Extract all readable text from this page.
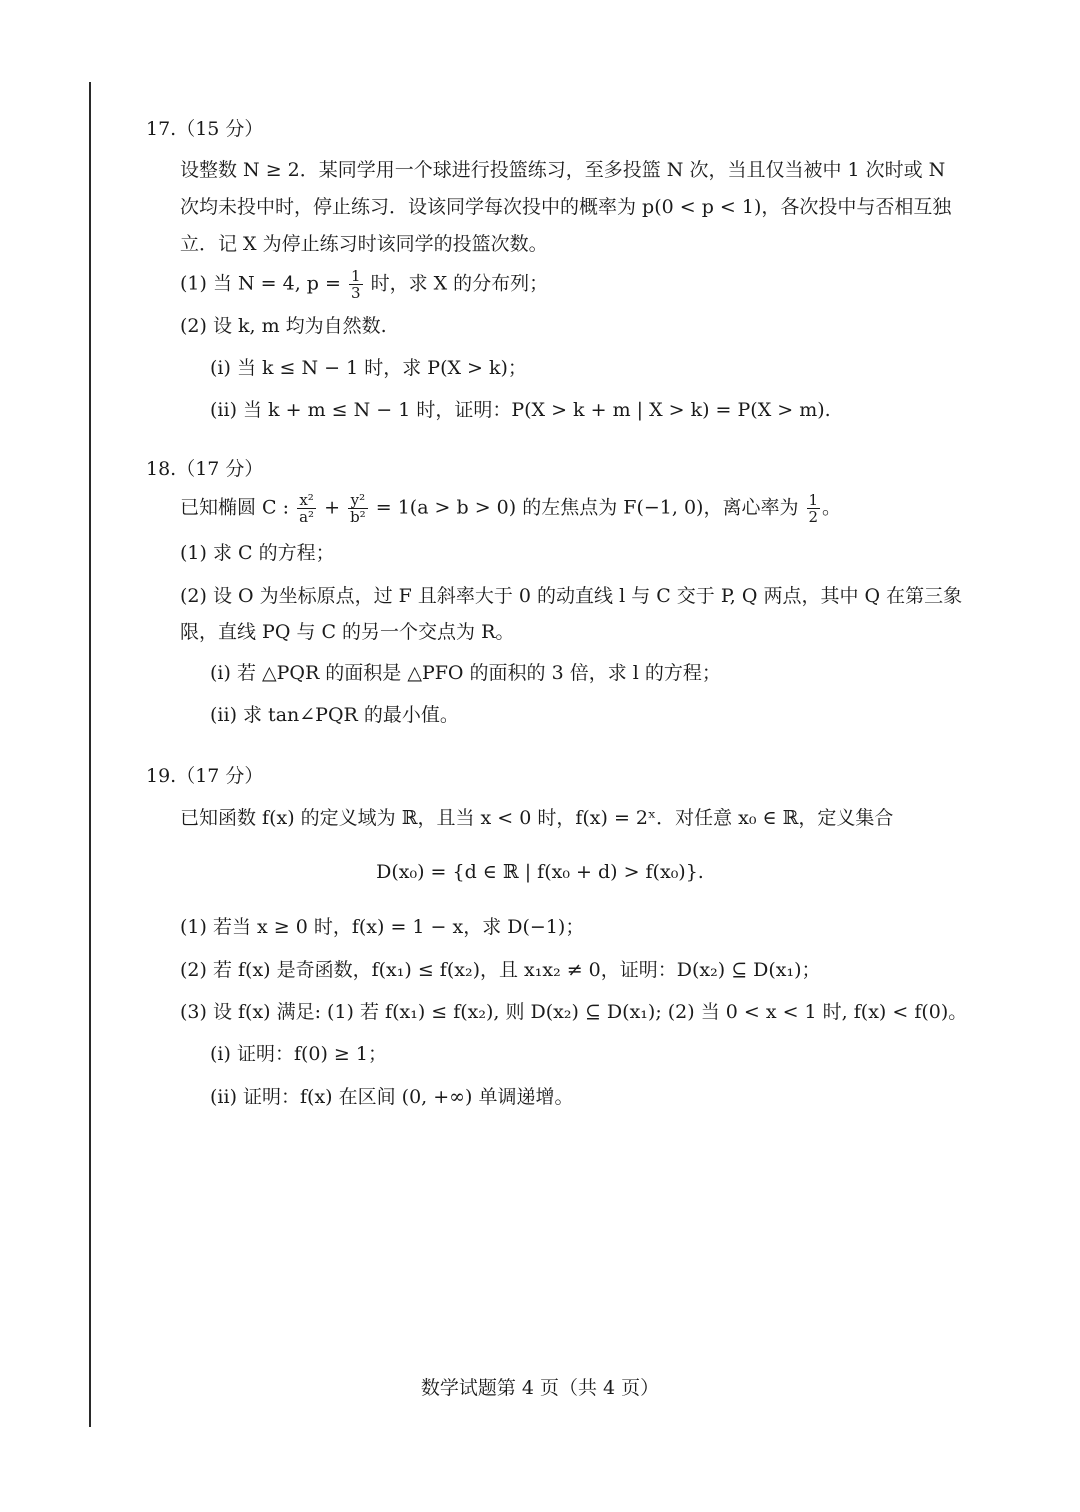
17.（15 分）
设整数 N ≥ 2．某同学用一个球进行投篮练习，至多投篮 N 次，当且仅当被中 1 次时或 N
次均未投中时，停止练习．设该同学每次投中的概率为 p(0 < p < 1)，各次投中与否相互独
立．记 X 为停止练习时该同学的投篮次数。
(1) 当 N = 4, $p = \frac{1}{3}$ 时，求 X 的分布列；
(2) 设 k, m 均为自然数.
(i) 当 k ≤ N − 1 时，求 P(X > k)；
(ii) 当 k + m ≤ N − 1 时，证明：P(X > k + m | X > k) = P(X > m).
18.（17 分）
已知椭圆 C : $\frac{\text{x²}}{\text{a²}} + \frac{\text{y²}}{\text{b²}} = 1(a > b > 0)$ 的左焦点为 F(−1, 0)，离心率为 $\frac{1}{2}$ 。
(1) 求 C 的方程；
(2) 设 O 为坐标原点，过 F 且斜率大于 0 的动直线 l 与 C 交于 P, Q 两点，其中 Q 在第三象
限，直线 PQ 与 C 的另一个交点为 R。
(i) 若 △PQR 的面积是 △PFO 的面积的 3 倍，求 l 的方程；
(ii) 求 tan∠PQR 的最小值。
19.（17 分）
已知函数 f(x) 的定义域为 ℝ，且当 x < 0 时，f(x) = 2ˣ．对任意 x₀ ∈ ℝ，定义集合
D(x₀) = {d ∈ ℝ | f(x₀ + d) > f(x₀)}.
(1) 若当 x ≥ 0 时，f(x) = 1 − x，求 D(−1)；
(2) 若 f(x) 是奇函数，f(x₁) ≤ f(x₂)，且 x₁x₂ ≠ 0，证明：D(x₂) ⊆ D(x₁)；
(3) 设 f(x) 满足: (1) 若 f(x₁) ≤ f(x₂), 则 D(x₂) ⊆ D(x₁); (2) 当 0 < x < 1 时, f(x) < f(0)。
(i) 证明：f(0) ≥ 1；
(ii) 证明：f(x) 在区间 (0, +∞) 单调递增。
数学试题第 4 页（共 4 页）
